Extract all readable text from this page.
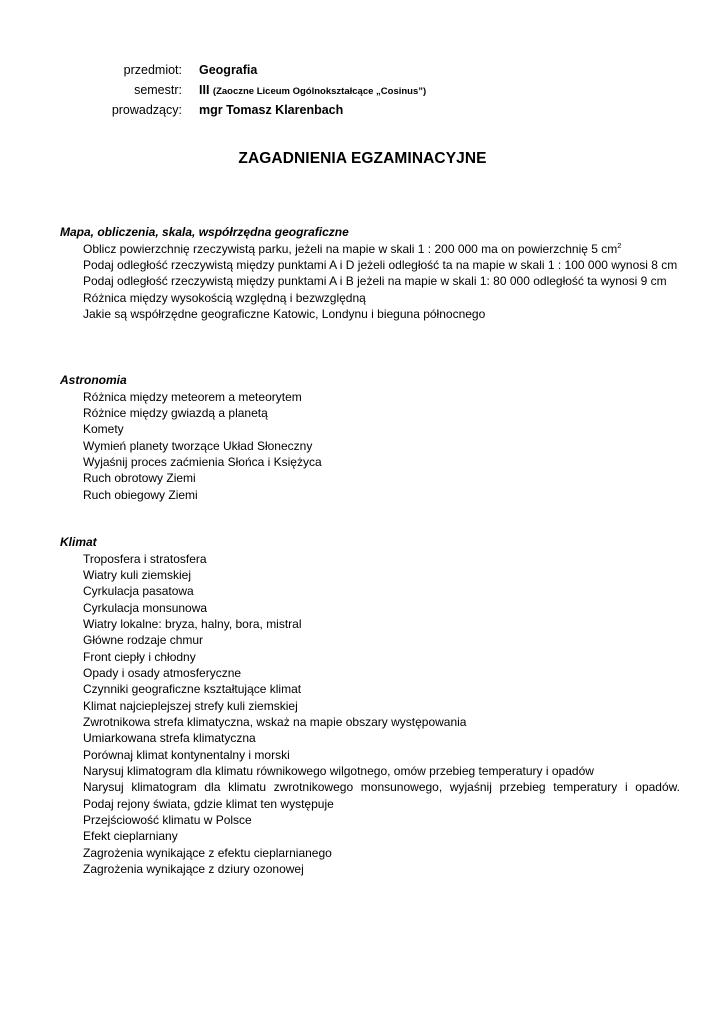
przedmiot: Geografia
semestr: III (Zaoczne Liceum Ogólnokształcące „Cosinus”)
prowadzący: mgr Tomasz Klarenbach
ZAGADNIENIA EGZAMINACYJNE
Mapa, obliczenia, skala, współrzędna geograficzne
Oblicz powierzchnię rzeczywistą parku, jeżeli na mapie w skali 1 : 200 000 ma on powierzchnię 5 $cm^2$
Podaj odległość rzeczywistą między punktami A i D jeżeli odległość ta na mapie w skali 1 : 100 000 wynosi 8 cm
Podaj odległość rzeczywistą między punktami A i B jeżeli na mapie w skali 1: 80 000 odległość ta wynosi 9 cm
Różnica między wysokością względną i bezwzględną
Jakie są współrzędne geograficzne Katowic, Londynu i bieguna północnego
Astronomia
Różnica między meteorem a meteorytem
Różnice między gwiazdą a planetą
Komety
Wymień planety tworzące Układ Słoneczny
Wyjaśnij proces zaćmienia Słońca i Księżyca
Ruch obrotowy Ziemi
Ruch obiegowy Ziemi
Klimat
Troposfera i stratosfera
Wiatry kuli ziemskiej
Cyrkulacja pasatowa
Cyrkulacja monsunowa
Wiatry lokalne: bryza, halny, bora, mistral
Główne rodzaje chmur
Front ciepły i chłodny
Opady i osady atmosferyczne
Czynniki geograficzne kształtujące klimat
Klimat najcieplejszej strefy kuli ziemskiej
Zwrotnikowa strefa klimatyczna, wskaż na mapie obszary występowania
Umiarkowana strefa klimatyczna
Porównaj klimat kontynentalny i morski
Narysuj klimatogram dla klimatu równikowego wilgotnego, omów przebieg temperatury i opadów
Narysuj klimatogram dla klimatu zwrotnikowego monsunowego, wyjaśnij przebieg temperatury i opadów.
Podaj rejony świata, gdzie klimat ten występuje
Przejściowość klimatu w Polsce
Efekt cieplarniany
Zagrożenia wynikające z efektu cieplarnianego
Zagrożenia wynikające z dziury ozonowej
